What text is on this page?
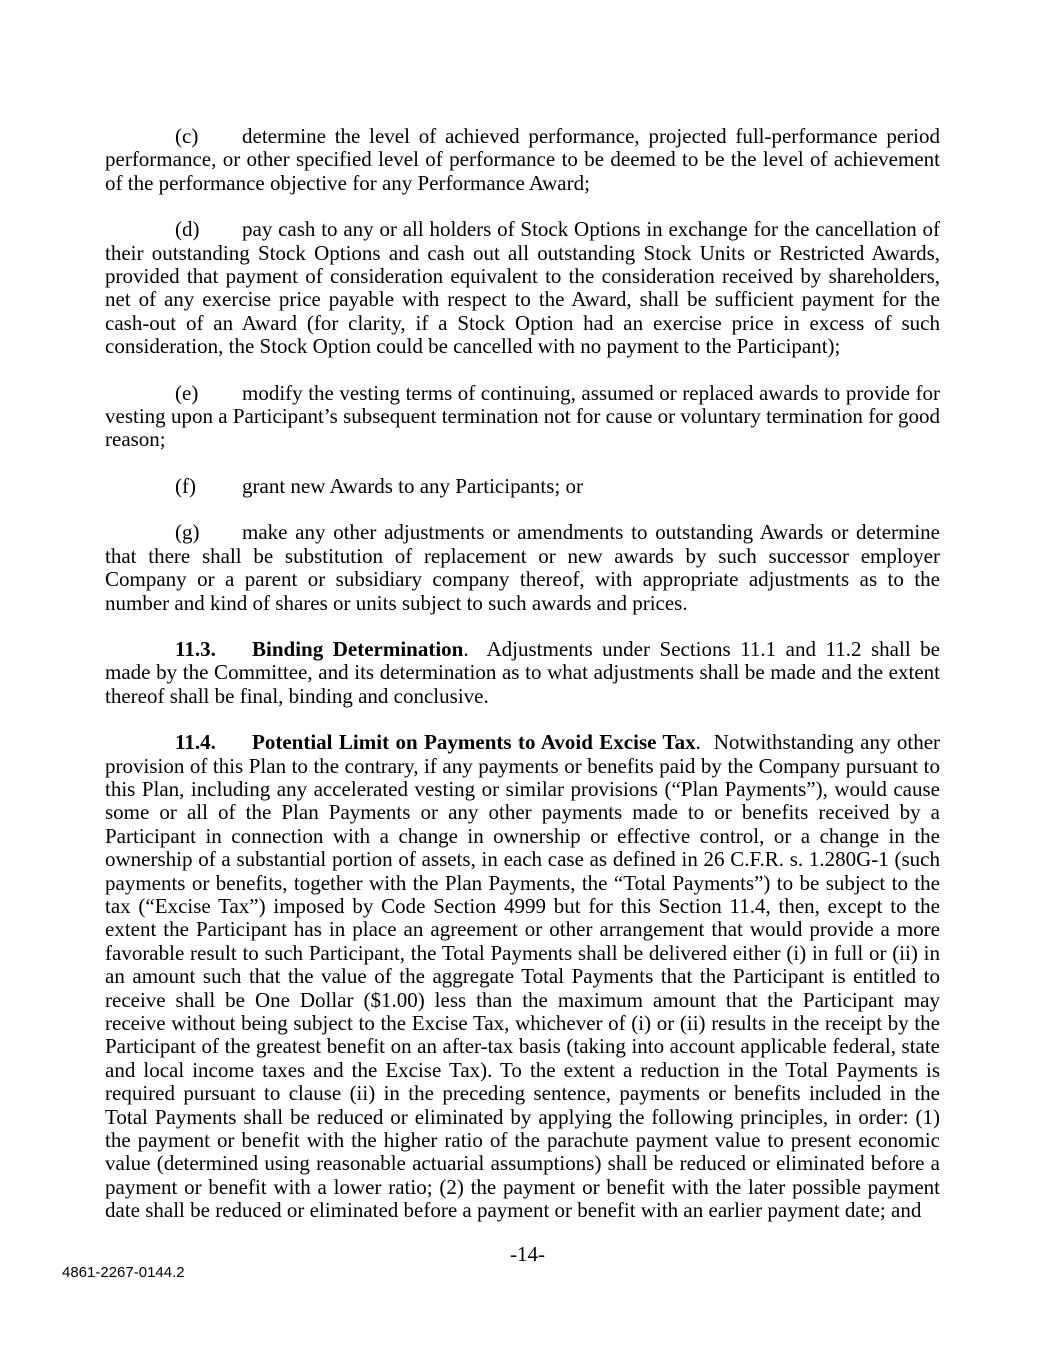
(c) determine the level of achieved performance, projected full-performance period performance, or other specified level of performance to be deemed to be the level of achievement of the performance objective for any Performance Award;

(d) pay cash to any or all holders of Stock Options in exchange for the cancellation of their outstanding Stock Options and cash out all outstanding Stock Units or Restricted Awards, provided that payment of consideration equivalent to the consideration received by shareholders, net of any exercise price payable with respect to the Award, shall be sufficient payment for the cash-out of an Award (for clarity, if a Stock Option had an exercise price in excess of such consideration, the Stock Option could be cancelled with no payment to the Participant);

(e) modify the vesting terms of continuing, assumed or replaced awards to provide for vesting upon a Participant’s subsequent termination not for cause or voluntary termination for good reason;

(f) grant new Awards to any Participants; or

(g) make any other adjustments or amendments to outstanding Awards or determine that there shall be substitution of replacement or new awards by such successor employer Company or a parent or subsidiary company thereof, with appropriate adjustments as to the number and kind of shares or units subject to such awards and prices.

11.3. Binding Determination.  Adjustments under Sections 11.1 and 11.2 shall be made by the Committee, and its determination as to what adjustments shall be made and the extent thereof shall be final, binding and conclusive.

11.4. Potential Limit on Payments to Avoid Excise Tax.  Notwithstanding any other provision of this Plan to the contrary, if any payments or benefits paid by the Company pursuant to this Plan, including any accelerated vesting or similar provisions (“Plan Payments”), would cause some or all of the Plan Payments or any other payments made to or benefits received by a Participant in connection with a change in ownership or effective control, or a change in the ownership of a substantial portion of assets, in each case as defined in 26 C.F.R. s. 1.280G-1 (such payments or benefits, together with the Plan Payments, the “Total Payments”) to be subject to the tax (“Excise Tax”) imposed by Code Section 4999 but for this Section 11.4, then, except to the extent the Participant has in place an agreement or other arrangement that would provide a more favorable result to such Participant, the Total Payments shall be delivered either (i) in full or (ii) in an amount such that the value of the aggregate Total Payments that the Participant is entitled to receive shall be One Dollar ($1.00) less than the maximum amount that the Participant may receive without being subject to the Excise Tax, whichever of (i) or (ii) results in the receipt by the Participant of the greatest benefit on an after-tax basis (taking into account applicable federal, state and local income taxes and the Excise Tax). To the extent a reduction in the Total Payments is required pursuant to clause (ii) in the preceding sentence, payments or benefits included in the Total Payments shall be reduced or eliminated by applying the following principles, in order: (1) the payment or benefit with the higher ratio of the parachute payment value to present economic value (determined using reasonable actuarial assumptions) shall be reduced or eliminated before a payment or benefit with a lower ratio; (2) the payment or benefit with the later possible payment date shall be reduced or eliminated before a payment or benefit with an earlier payment date; and

-14-
4861-2267-0144.2
